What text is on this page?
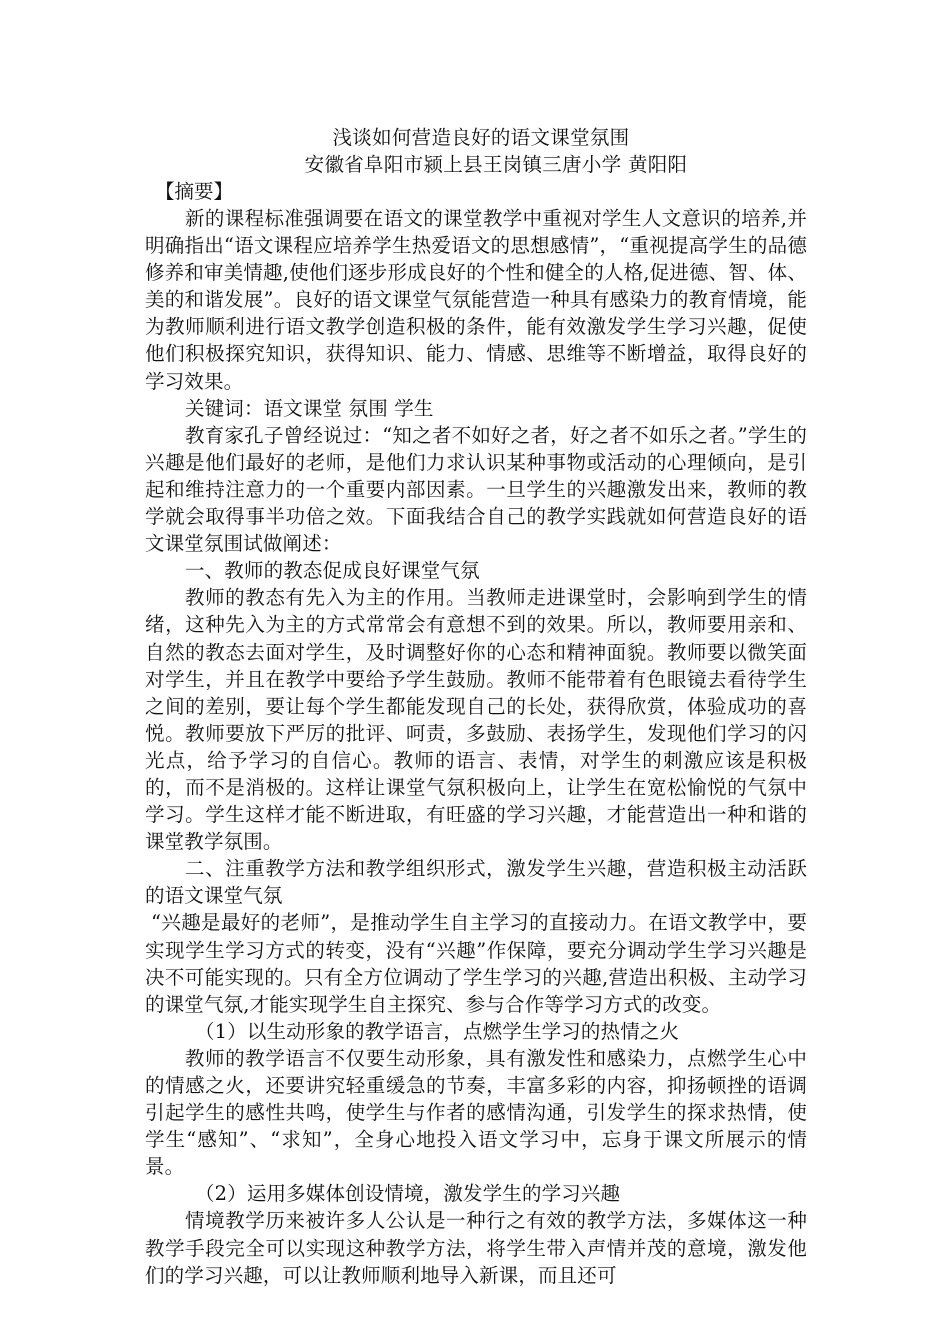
浅谈如何营造良好的语文课堂氛围
安徽省阜阳市颍上县王岗镇三唐小学 黄阳阳
【摘要】

新的课程标准强调要在语文的课堂教学中重视对学生人文意识的培养,并明确指出“语文课程应培养学生热爱语文的思想感情”，“重视提高学生的品德修养和审美情趣,使他们逐步形成良好的个性和健全的人格,促进德、智、体、美的和谐发展”。良好的语文课堂气氛能营造一种具有感染力的教育情境，能为教师顺利进行语文教学创造积极的条件，能有效激发学生学习兴趣，促使他们积极探究知识，获得知识、能力、情感、思维等不断增益，取得良好的学习效果。

关键词：语文课堂 氛围 学生

教育家孔子曾经说过：“知之者不如好之者，好之者不如乐之者。”学生的兴趣是他们最好的老师，是他们力求认识某种事物或活动的心理倾向，是引起和维持注意力的一个重要内部因素。一旦学生的兴趣激发出来，教师的教学就会取得事半功倍之效。下面我结合自己的教学实践就如何营造良好的语文课堂氛围试做阐述：

一、教师的教态促成良好课堂气氛

教师的教态有先入为主的作用。当教师走进课堂时，会影响到学生的情绪，这种先入为主的方式常常会有意想不到的效果。所以，教师要用亲和、自然的教态去面对学生，及时调整好你的心态和精神面貌。教师要以微笑面对学生，并且在教学中要给予学生鼓励。教师不能带着有色眼镜去看待学生之间的差别，要让每个学生都能发现自己的长处，获得欣赏，体验成功的喜悦。教师要放下严厉的批评、呵责，多鼓励、表扬学生，发现他们学习的闪光点，给予学习的自信心。教师的语言、表情，对学生的刺激应该是积极的，而不是消极的。这样让课堂气氛积极向上，让学生在宽松愉悦的气氛中学习。学生这样才能不断进取，有旺盛的学习兴趣，才能营造出一种和谐的课堂教学氛围。

二、注重教学方法和教学组织形式，激发学生兴趣，营造积极主动活跃的语文课堂气氛

“兴趣是最好的老师”，是推动学生自主学习的直接动力。在语文教学中，要实现学生学习方式的转变，没有“兴趣”作保障，要充分调动学生学习兴趣是决不可能实现的。只有全方位调动了学生学习的兴趣,营造出积极、主动学习的课堂气氛,才能实现学生自主探究、参与合作等学习方式的改变。

（1）以生动形象的教学语言，点燃学生学习的热情之火

教师的教学语言不仅要生动形象，具有激发性和感染力，点燃学生心中的情感之火，还要讲究轻重缓急的节奏，丰富多彩的内容，抑扬顿挫的语调引起学生的感性共鸣，使学生与作者的感情沟通，引发学生的探求热情，使学生“感知”、“求知”，全身心地投入语文学习中，忘身于课文所展示的情景。

（2）运用多媒体创设情境，激发学生的学习兴趣

情境教学历来被许多人公认是一种行之有效的教学方法，多媒体这一种教学手段完全可以实现这种教学方法，将学生带入声情并茂的意境，激发他们的学习兴趣，可以让教师顺利地导入新课，而且还可
